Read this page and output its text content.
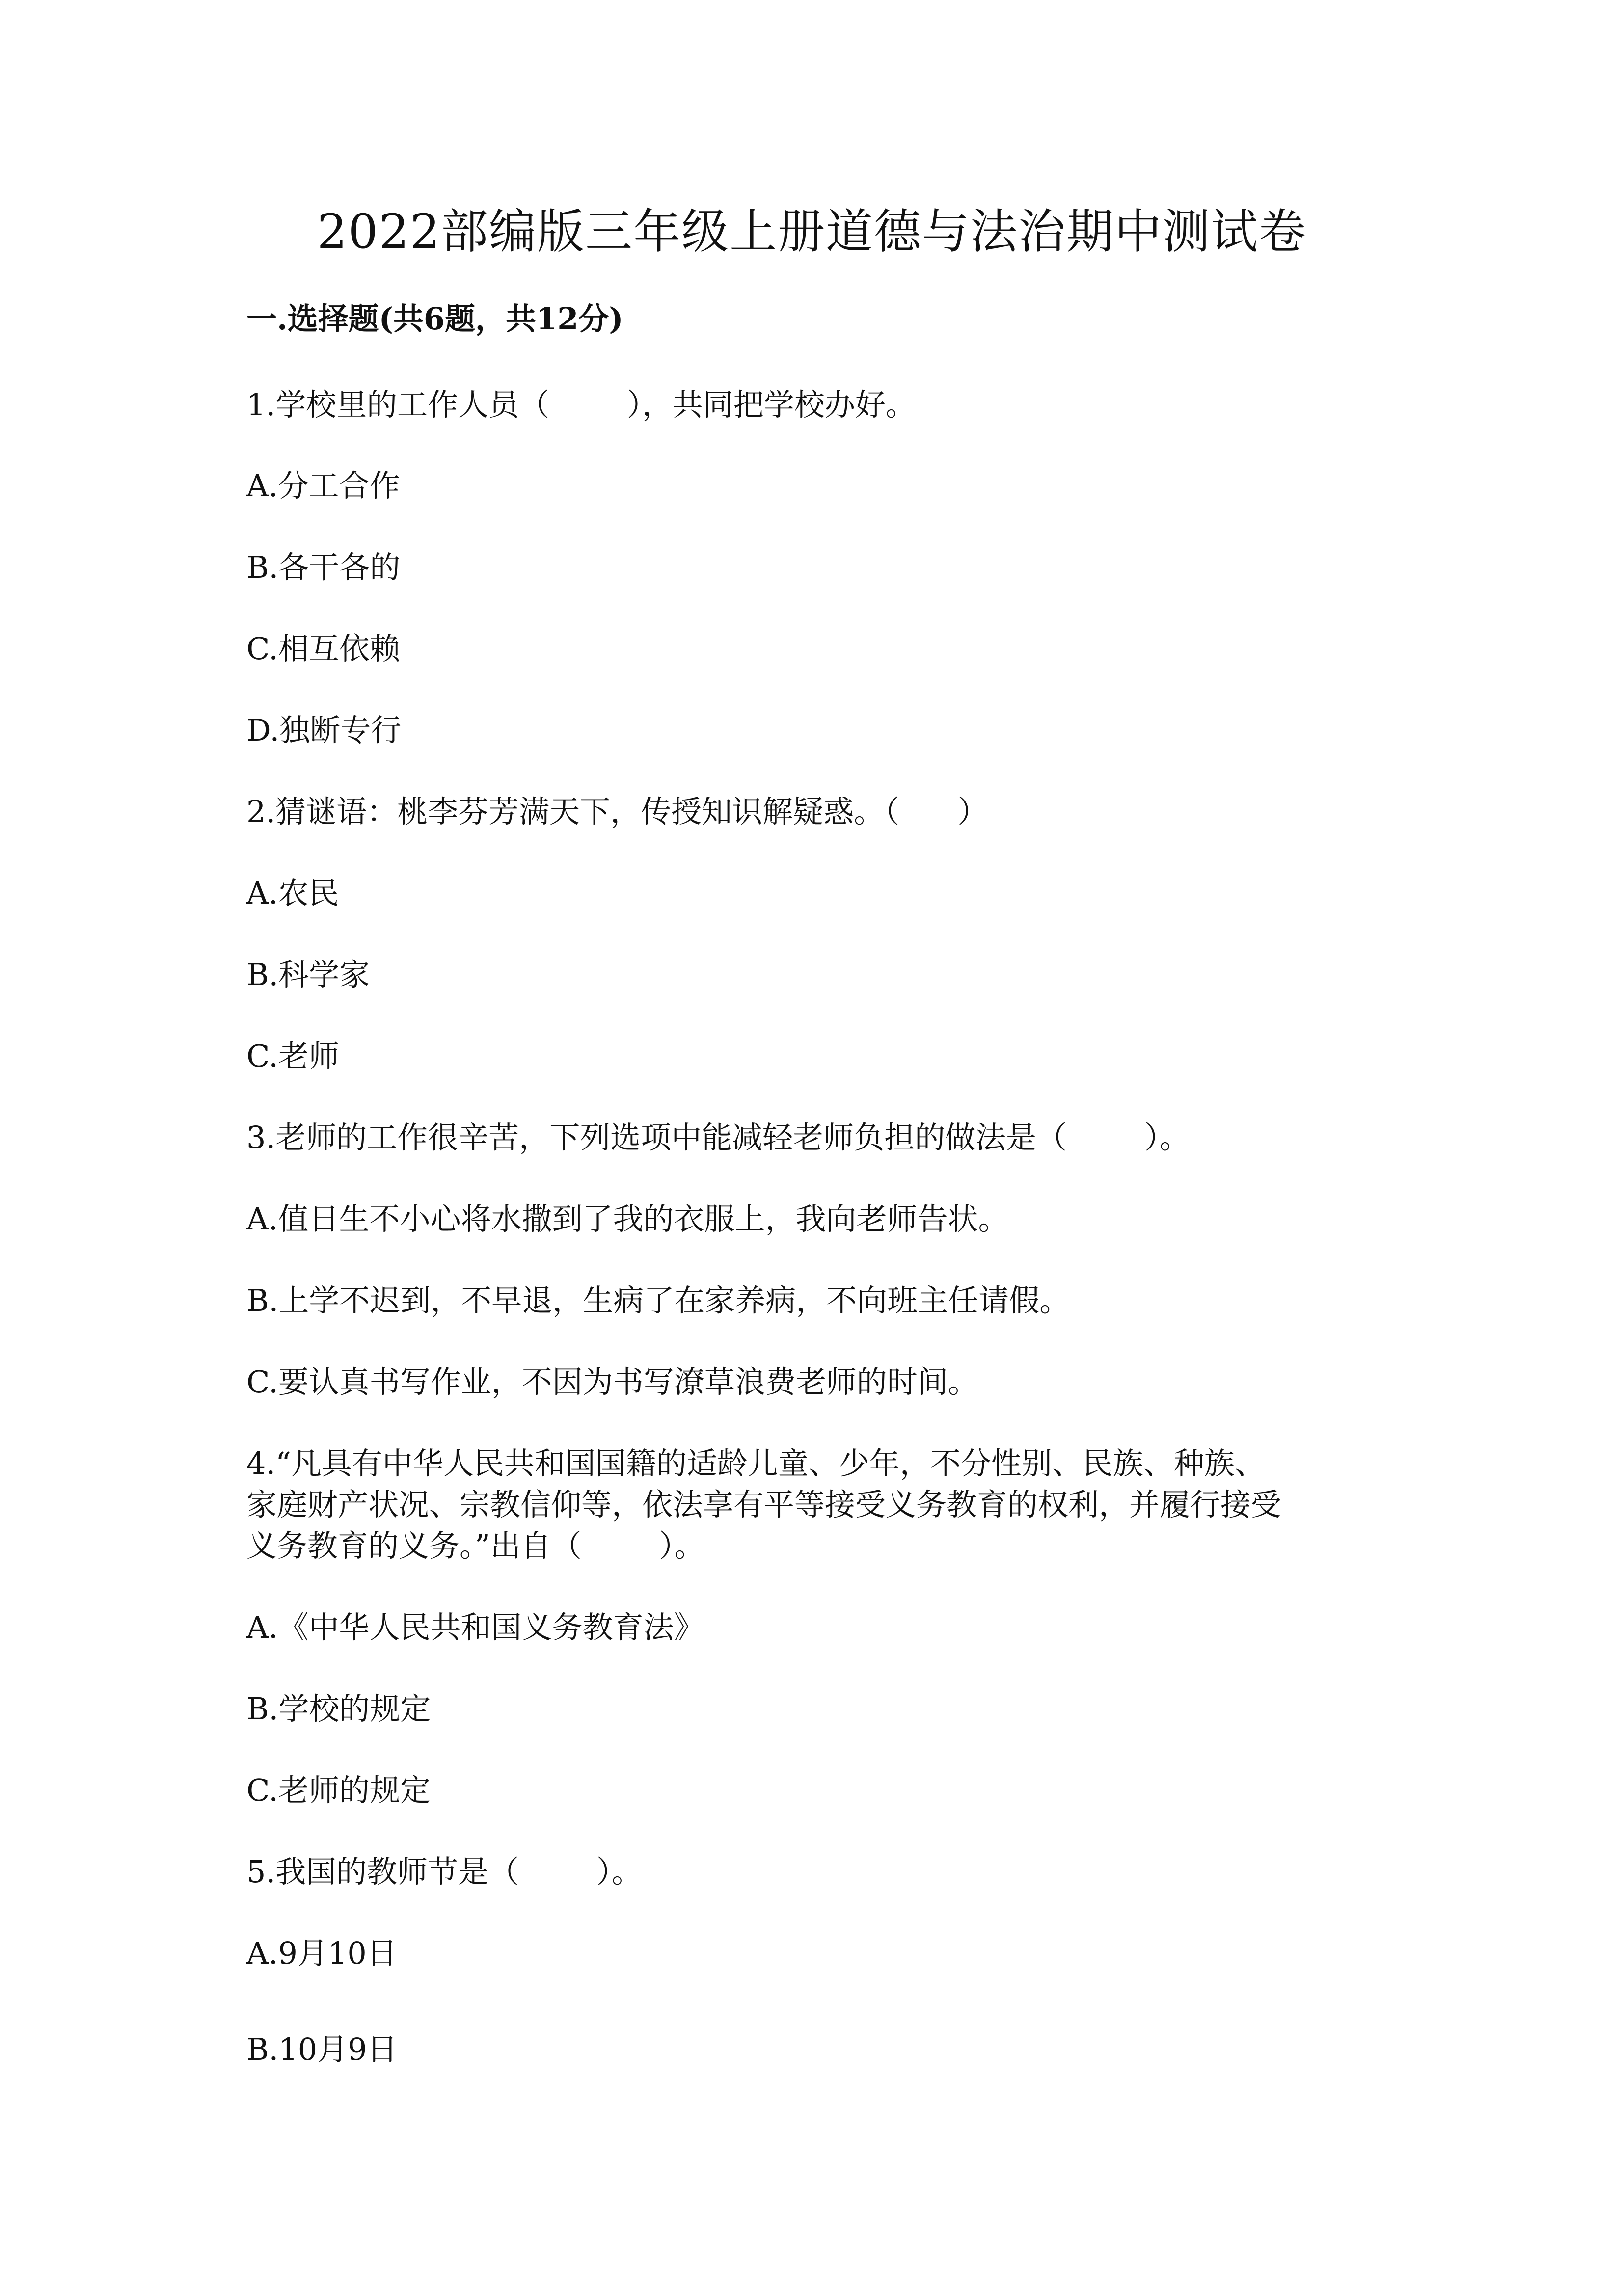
2022部编版三年级上册道德与法治期中测试卷
一.选择题(共6题，共12分)
1.学校里的工作人员（        ），共同把学校办好。
A.分工合作
B.各干各的
C.相互依赖
D.独断专行
2.猜谜语：桃李芬芳满天下，传授知识解疑惑。（      ）
A.农民
B.科学家
C.老师
3.老师的工作很辛苦，下列选项中能减轻老师负担的做法是（        ）。
A.值日生不小心将水撒到了我的衣服上，我向老师告状。
B.上学不迟到，不早退，生病了在家养病，不向班主任请假。
C.要认真书写作业，不因为书写潦草浪费老师的时间。
4.“凡具有中华人民共和国国籍的适龄儿童、少年，不分性别、民族、种族、
家庭财产状况、宗教信仰等，依法享有平等接受义务教育的权利，并履行接受
义务教育的义务。”出自（        ）。
A.《中华人民共和国义务教育法》
B.学校的规定
C.老师的规定
5.我国的教师节是（        ）。
A.9月10日
B.10月9日
